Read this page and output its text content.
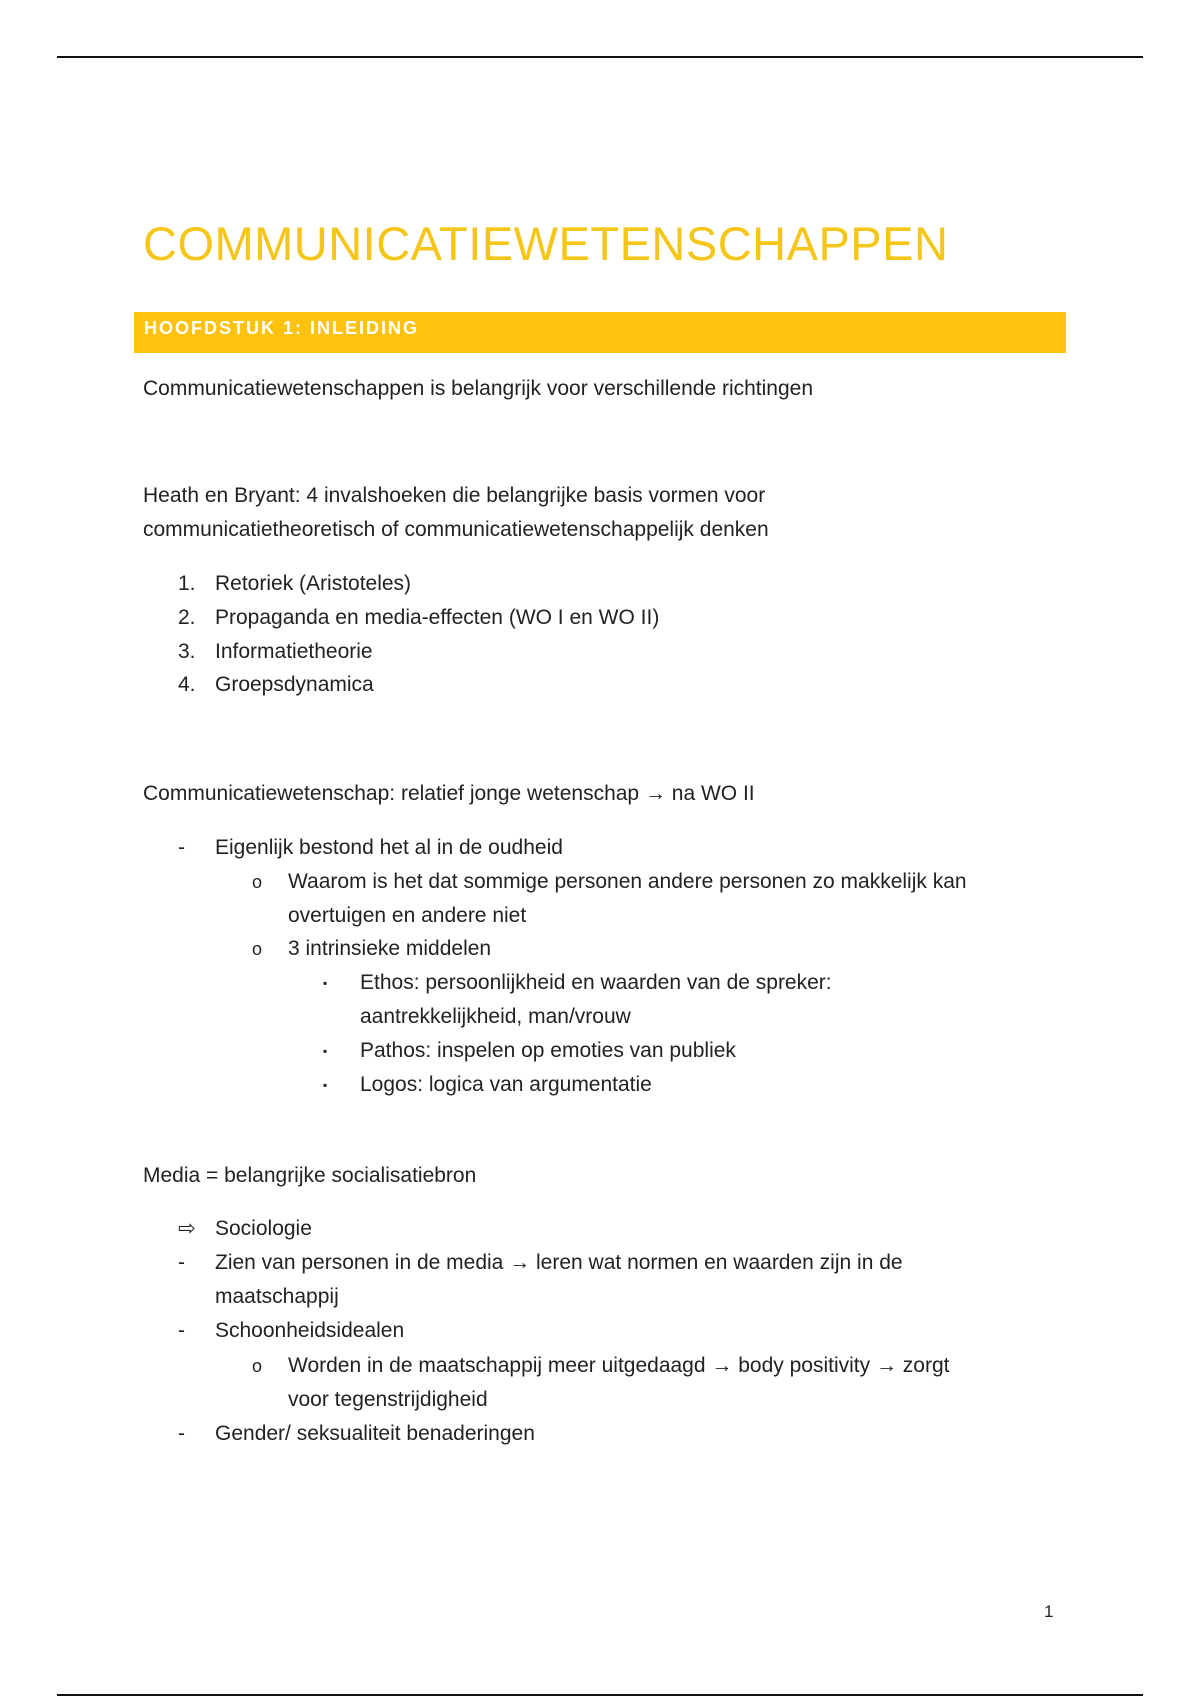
COMMUNICATIEWETENSCHAPPEN
HOOFDSTUK 1: INLEIDING
Communicatiewetenschappen is belangrijk voor verschillende richtingen
Heath en Bryant: 4 invalshoeken die belangrijke basis vormen voor
communicatietheoretisch of communicatiewetenschappelijk denken
1. Retoriek (Aristoteles)
2. Propaganda en media-effecten (WO I en WO II)
3. Informatietheorie
4. Groepsdynamica
Communicatiewetenschap: relatief jonge wetenschap → na WO II
- Eigenlijk bestond het al in de oudheid
o Waarom is het dat sommige personen andere personen zo makkelijk kan
overtuigen en andere niet
o 3 intrinsieke middelen
▪ Ethos: persoonlijkheid en waarden van de spreker:
aantrekkelijkheid, man/vrouw
▪ Pathos: inspelen op emoties van publiek
▪ Logos: logica van argumentatie
Media = belangrijke socialisatiebron
⇨ Sociologie
- Zien van personen in de media → leren wat normen en waarden zijn in de
maatschappij
- Schoonheidsidealen
o Worden in de maatschappij meer uitgedaagd → body positivity → zorgt
voor tegenstrijdigheid
- Gender/ seksualiteit benaderingen
1
